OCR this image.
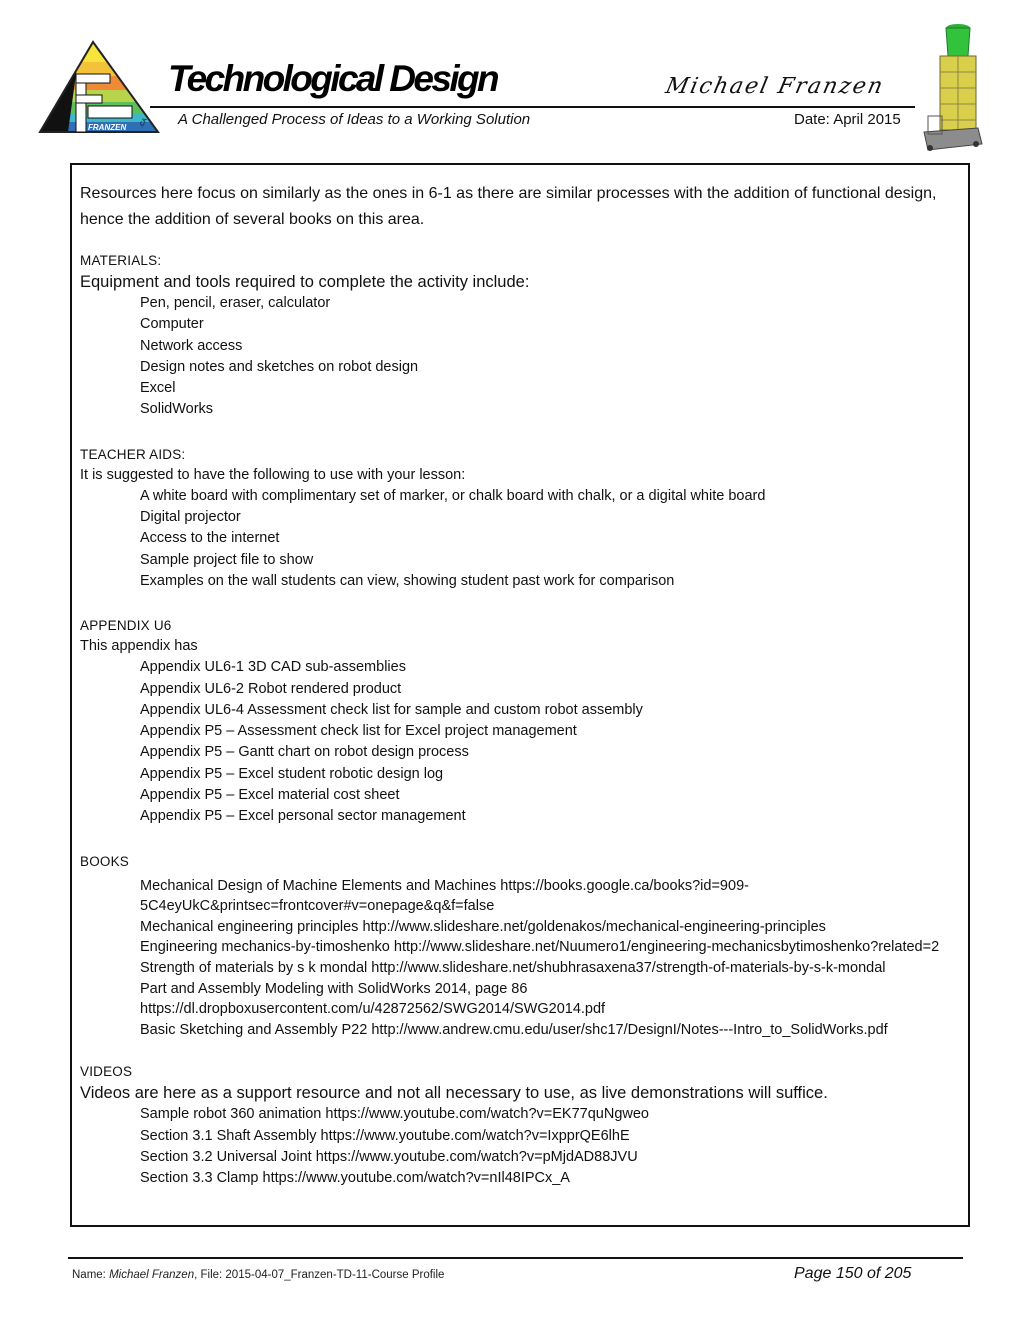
FRANZEN .CA
Technological Design
A Challenged Process of Ideas to a Working Solution
Michael Franzen
Date: April 2015

Resources here focus on similarly as the ones in 6-1 as there are similar processes with the addition of functional design, hence the addition of several books on this area.

MATERIALS:
Equipment and tools required to complete the activity include:
Pen, pencil, eraser, calculator
Computer
Network access
Design notes and sketches on robot design
Excel
SolidWorks
TEACHER AIDS:
It is suggested to have the following to use with your lesson:
A white board with complimentary set of marker, or chalk board with chalk, or a digital white board
Digital projector
Access to the internet
Sample project file to show
Examples on the wall students can view, showing student past work for comparison
APPENDIX U6
This appendix has
Appendix UL6-1 3D CAD sub-assemblies
Appendix UL6-2 Robot rendered product
Appendix UL6-4 Assessment check list for sample and custom robot assembly
Appendix P5 – Assessment check list for Excel project management
Appendix P5 – Gantt chart on robot design process
Appendix P5 – Excel student robotic design log
Appendix P5 – Excel material cost sheet
Appendix P5 – Excel personal sector management
BOOKS
Mechanical Design of Machine Elements and Machines https://books.google.ca/books?id=909-5C4eyUkC&printsec=frontcover#v=onepage&q&f=false
Mechanical engineering principles http://www.slideshare.net/goldenakos/mechanical-engineering-principles
Engineering mechanics-by-timoshenko http://www.slideshare.net/Nuumero1/engineering-mechanicsbytimoshenko?related=2
Strength of materials by s k mondal http://www.slideshare.net/shubhrasaxena37/strength-of-materials-by-s-k-mondal
Part and Assembly Modeling with SolidWorks 2014, page 86 https://dl.dropboxusercontent.com/u/42872562/SWG2014/SWG2014.pdf
Basic Sketching and Assembly P22 http://www.andrew.cmu.edu/user/shc17/DesignI/Notes---Intro_to_SolidWorks.pdf
VIDEOS
Videos are here as a support resource and not all necessary to use, as live demonstrations will suffice.
Sample robot 360 animation https://www.youtube.com/watch?v=EK77quNgweo
Section 3.1 Shaft Assembly https://www.youtube.com/watch?v=IxpprQE6lhE
Section 3.2 Universal Joint https://www.youtube.com/watch?v=pMjdAD88JVU
Section 3.3 Clamp https://www.youtube.com/watch?v=nIl48IPCx_A
Name: Michael Franzen, File: 2015-04-07_Franzen-TD-11-Course Profile	Page 150 of 205
